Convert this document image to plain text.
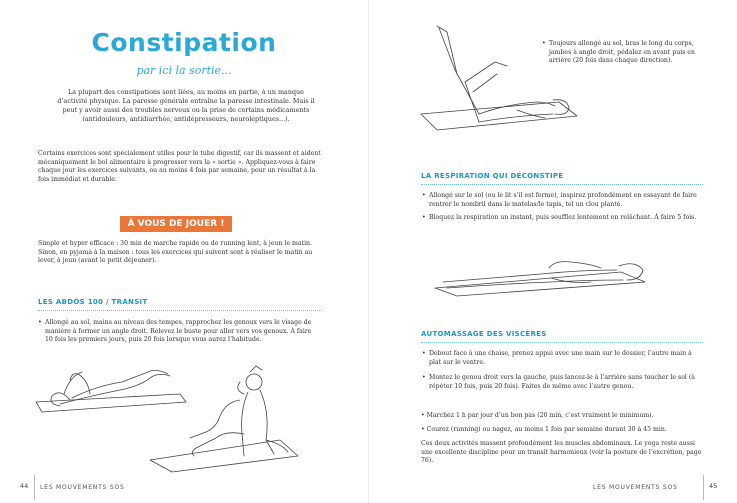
Constipation
par ici la sortie...
La plupart des constipations sont liées, au moins en partie, à un manque d’activité physique. La paresse générale entraîne la paresse intestinale. Mais il peut y avoir aussi des troubles nerveux ou la prise de certains médicaments (antidouleurs, antidiarrhée, antidépresseurs, neuroleptiques...).
Certains exercices sont spécialement utiles pour le tube digestif, car ils massent et aident mécaniquement le bol alimentaire à progresser vers la « sortie ». Appliquez-vous à faire chaque jour les exercices suivants, ou au moins 4 fois par semaine, pour un résultat à la fois immédiat et durable.
À VOUS DE JOUER !
Simple et hyper efficace : 30 min de marche rapide ou de running lent, à jeun le matin. Sinon, en pyjama à la maison : tous les exercices qui suivent sont à réaliser le matin au lever, à jeun (avant le petit déjeuner).
LES ABDOS 100 / TRANSIT
• Allongé au sol, mains au niveau des tempes, rapprochez les genoux vers le visage de manière à former un angle droit. Relevez le buste pour aller vers vos genoux. À faire 10 fois les premiers jours, puis 20 fois lorsque vous aurez l’habitude.
44 LES MOUVEMENTS SOS
• Toujours allongé au sol, bras le long du corps, jambes à angle droit, pédalez en avant puis en arrière (20 fois dans chaque direction).
LA RESPIRATION QUI DÉCONSTIPE
• Allongé sur le sol (ou le lit s’il est ferme), inspirez profondément en essayant de faire rentrer le nombril dans le matelas/le tapis, tel un clou planté.
• Bloquez la respiration un instant, puis soufflez lentement en relâchant. À faire 5 fois.
AUTOMASSAGE DES VISCÈRES
• Debout face à une chaise, prenez appui avec une main sur le dossier, l’autre main à plat sur le ventre.
• Montez le genou droit vers la gauche, puis lancez-le à l’arrière sans toucher le sol (à répéter 10 fois, puis 20 fois). Faites de même avec l’autre genou.
• Marchez 1 h par jour d’un bon pas (20 min, c’est vraiment le minimum).
• Courez (running) ou nagez, au moins 1 fois par semaine durant 30 à 45 min.
Ces deux activités massent profondément les muscles abdominaux. Le yoga reste aussi une excellente discipline pour un transit harmonieux (voir la posture de l’excrétion, page 76).
LES MOUVEMENTS SOS	45
